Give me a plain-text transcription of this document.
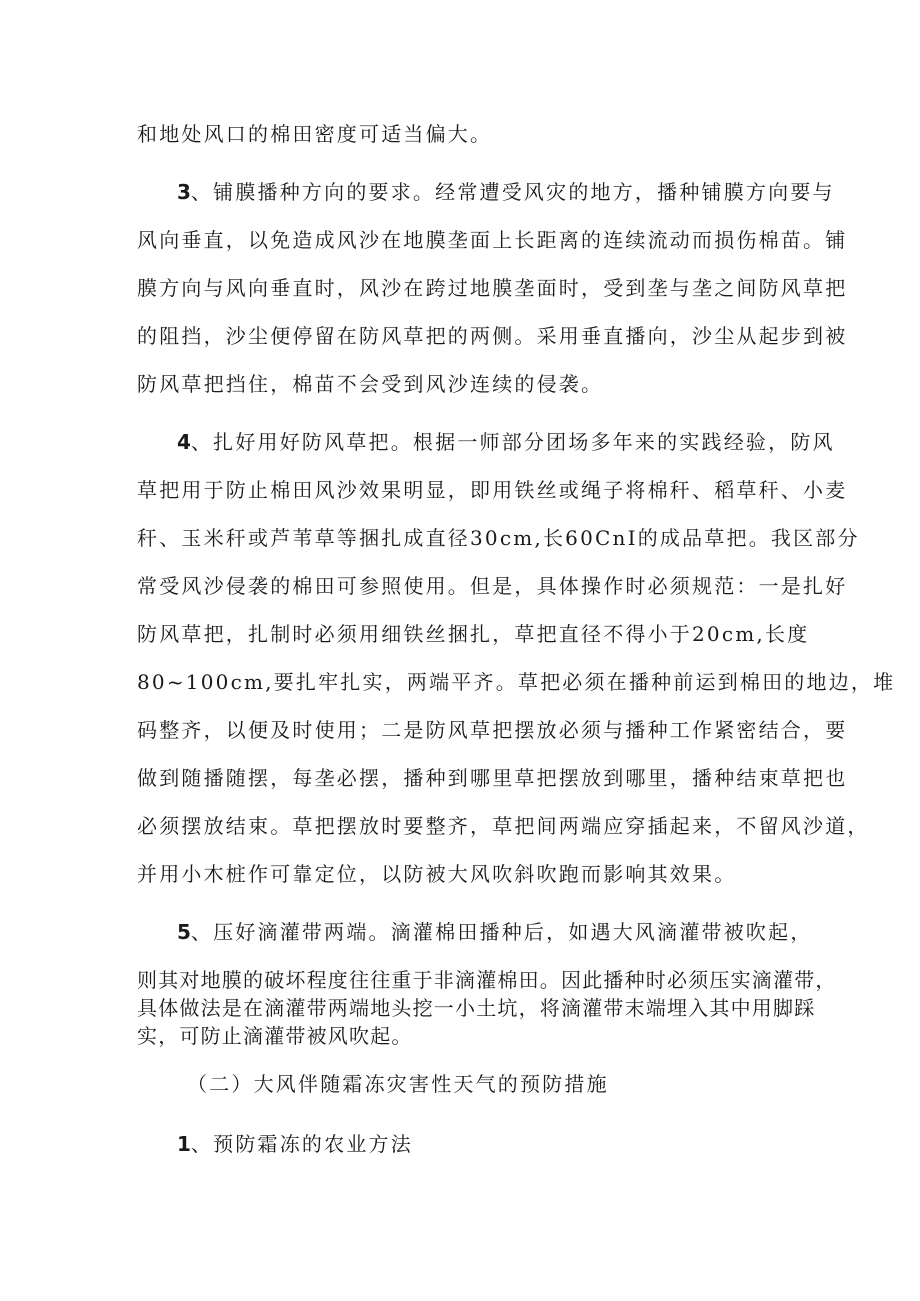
和地处风口的棉田密度可适当偏大。
3、铺膜播种方向的要求。经常遭受风灾的地方，播种铺膜方向要与
风向垂直，以免造成风沙在地膜垄面上长距离的连续流动而损伤棉苗。铺
膜方向与风向垂直时，风沙在跨过地膜垄面时，受到垄与垄之间防风草把
的阻挡，沙尘便停留在防风草把的两侧。采用垂直播向，沙尘从起步到被
防风草把挡住，棉苗不会受到风沙连续的侵袭。
4、扎好用好防风草把。根据一师部分团场多年来的实践经验，防风
草把用于防止棉田风沙效果明显，即用铁丝或绳子将棉秆、稻草秆、小麦
秆、玉米秆或芦苇草等捆扎成直径30cm,长60CnI的成品草把。我区部分
常受风沙侵袭的棉田可参照使用。但是，具体操作时必须规范：一是扎好
防风草把，扎制时必须用细铁丝捆扎，草把直径不得小于20cm,长度
80~100cm,要扎牢扎实，两端平齐。草把必须在播种前运到棉田的地边，堆
码整齐，以便及时使用；二是防风草把摆放必须与播种工作紧密结合，要
做到随播随摆，每垄必摆，播种到哪里草把摆放到哪里，播种结束草把也
必须摆放结束。草把摆放时要整齐，草把间两端应穿插起来，不留风沙道，
并用小木桩作可靠定位，以防被大风吹斜吹跑而影响其效果。
5、压好滴灌带两端。滴灌棉田播种后，如遇大风滴灌带被吹起，
则其对地膜的破坏程度往往重于非滴灌棉田。因此播种时必须压实滴灌带，
具体做法是在滴灌带两端地头挖一小土坑，将滴灌带末端埋入其中用脚踩
实，可防止滴灌带被风吹起。
（二）大风伴随霜冻灾害性天气的预防措施
1、预防霜冻的农业方法
